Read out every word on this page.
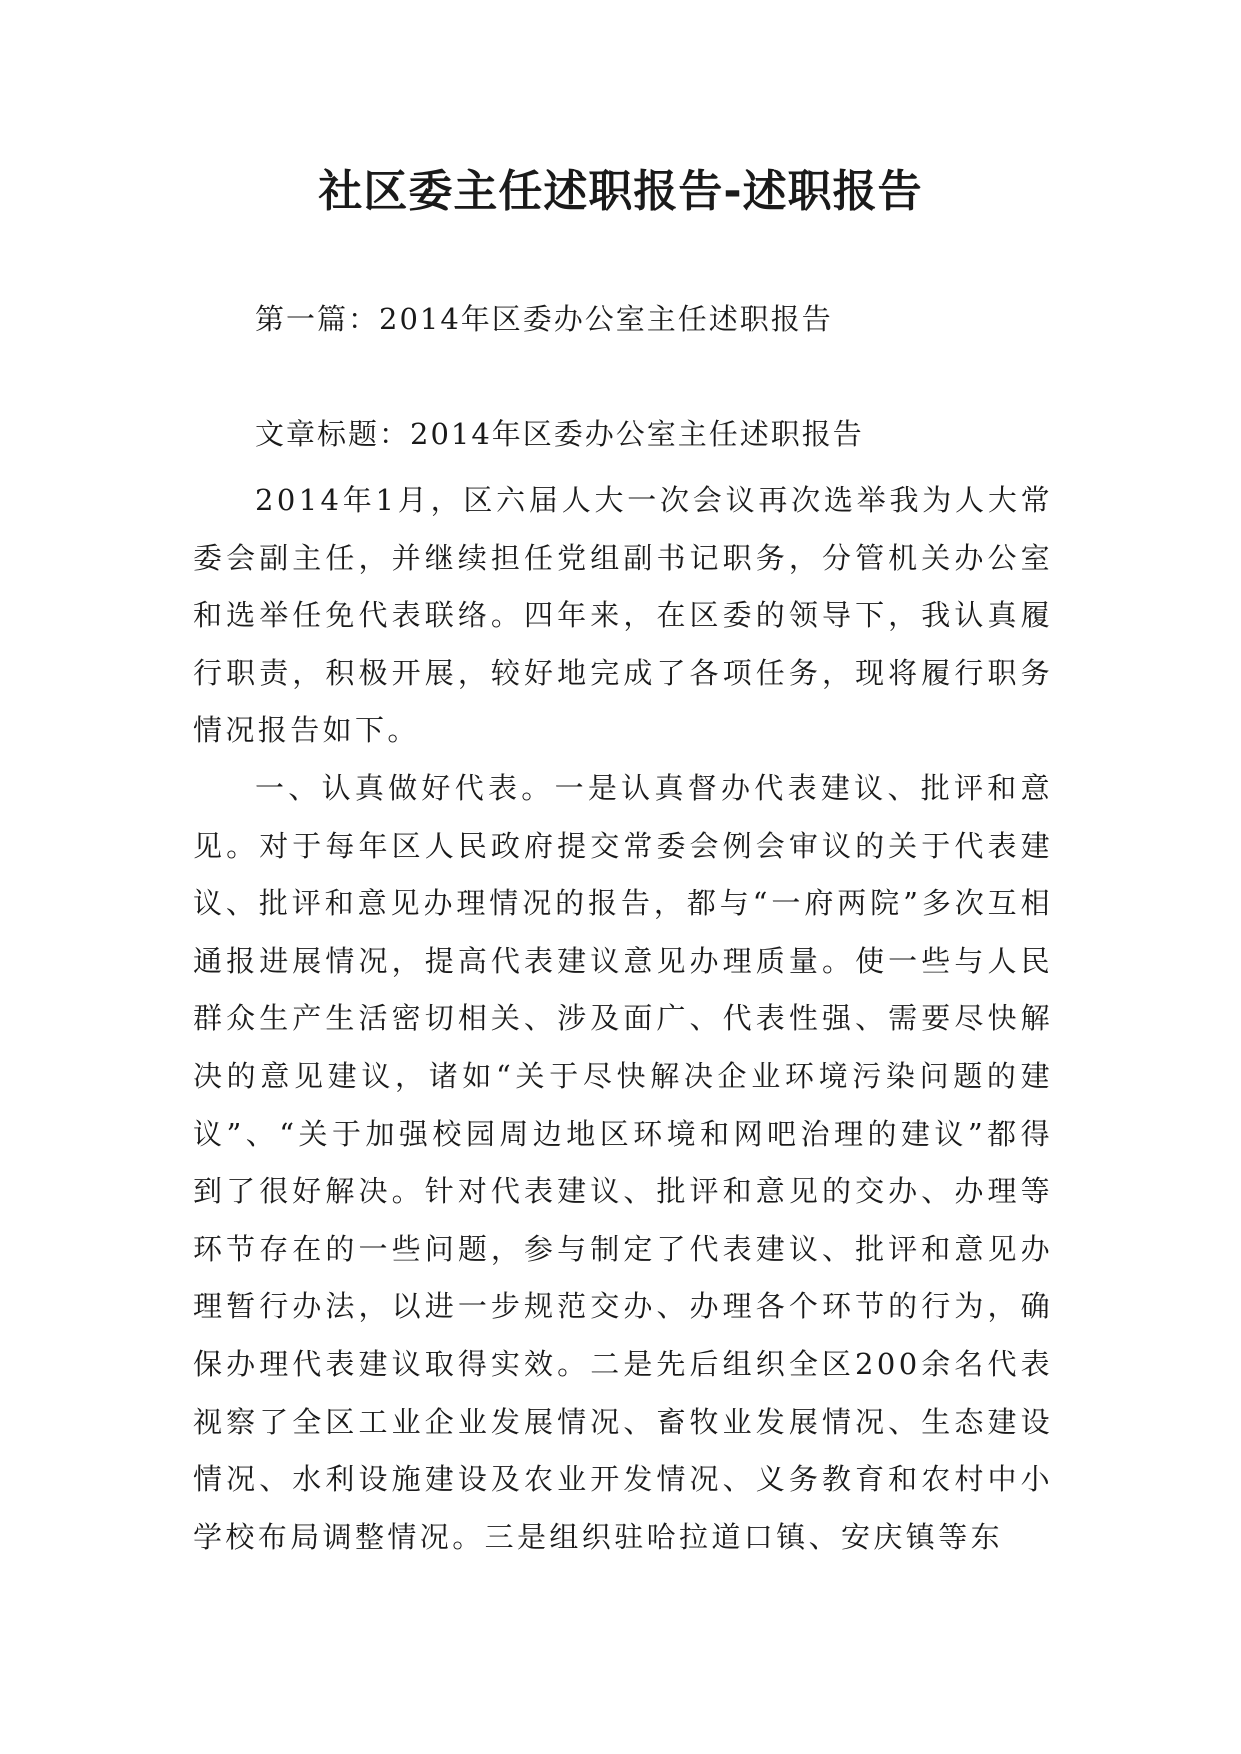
社区委主任述职报告-述职报告
第一篇：2014年区委办公室主任述职报告
文章标题：2014年区委办公室主任述职报告

2014年1月，区六届人大一次会议再次选举我为人大常委会副主任，并继续担任党组副书记职务，分管机关办公室和选举任免代表联络。四年来，在区委的领导下，我认真履行职责，积极开展，较好地完成了各项任务，现将履行职务情况报告如下。

一、认真做好代表。一是认真督办代表建议、批评和意见。对于每年区人民政府提交常委会例会审议的关于代表建议、批评和意见办理情况的报告，都与“一府两院”多次互相通报进展情况，提高代表建议意见办理质量。使一些与人民群众生产生活密切相关、涉及面广、代表性强、需要尽快解决的意见建议，诸如“关于尽快解决企业环境污染问题的建议”、“关于加强校园周边地区环境和网吧治理的建议”都得到了很好解决。针对代表建议、批评和意见的交办、办理等环节存在的一些问题，参与制定了代表建议、批评和意见办理暂行办法，以进一步规范交办、办理各个环节的行为，确保办理代表建议取得实效。二是先后组织全区200余名代表视察了全区工业企业发展情况、畜牧业发展情况、生态建设情况、水利设施建设及农业开发情况、义务教育和农村中小学校布局调整情况。三是组织驻哈拉道口镇、安庆镇等东
